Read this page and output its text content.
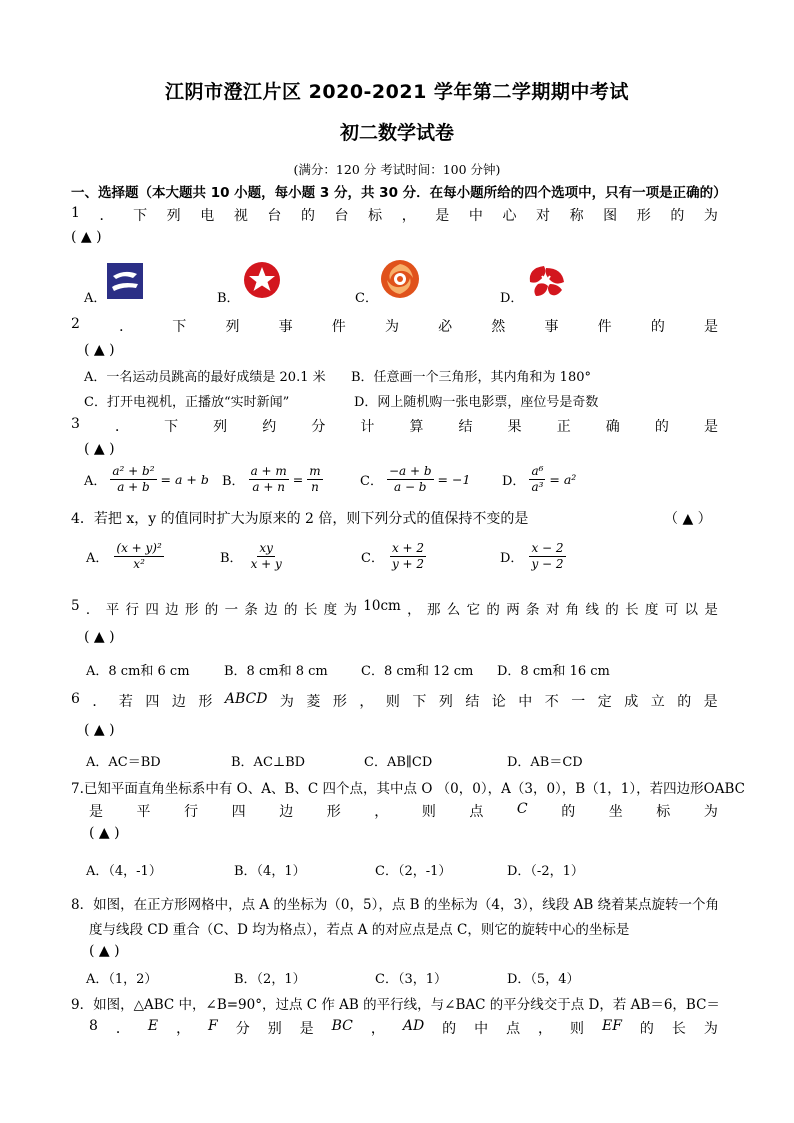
江阴市澄江片区 2020-2021 学年第二学期期中考试
初二数学试卷
(满分：120 分 考试时间：100 分钟)
一、选择题（本大题共 10 小题，每小题 3 分，共 30 分．在每小题所给的四个选项中，只有一项是正确的）
1 ． 下 列 电 视 台 的 台 标 ， 是 中 心 对 称 图 形 的 为
( ▲ )
A．	B．	C．	D．
2	．	下	列	事	件	为	必	然	事	件	的	是
( ▲ )
A．一名运动员跳高的最好成绩是 20.1 米 B．任意画一个三角形，其内角和为 180°
C．打开电视机，正播放“实时新闻”	D．网上随机购一张电影票，座位号是奇数
3	．	下	列	约	分	计	算	结	果	正	确	的	是
( ▲ )
A． $\frac{\text{a² + b²}}{a + b} = a + b$ B． $\frac{a + m}{a + n} = \frac{m}{n}$	C． $\frac{-a + b}{a - b} = -1$ D． $\frac{\text{a⁶}}{\text{a³}} = a^2$
4．若把 x，y 的值同时扩大为原来的 2 倍，则下列分式的值保持不变的是	（ ▲ ）
A． $\frac{\text{(x + y)²}}{\text{x²}}$	B． $\frac{xy}{x + y}$	C． $\frac{x + 2}{y + 2}$	D． $\frac{x - 2}{y - 2}$
5 ． 平 行 四 边 形 的 一 条 边 的 长 度 为 10cm ， 那 么 它 的 两 条 对 角 线 的 长 度 可 以 是
( ▲ )
A．8 cm和 6 cm	B．8 cm和 8 cm	C．8 cm和 12 cm D．8 cm和 16 cm
6 ． 若 四 边 形 ABCD 为 菱 形 ， 则 下 列 结 论 中 不 一 定 成 立 的 是
( ▲ )
A．AC＝BD	B．AC⊥BD	C．AB∥CD	D．AB＝CD
7.已知平面直角坐标系中有 O、A、B、C 四个点，其中点 O （0，0），A（3，0），B（1，1），若四边形OABC
是 平 行 四 边 形 ， 则 点 C 的 坐 标 为
( ▲ )
A．（4，-1）	B．（4，1）	C．（2，-1）	D．（-2，1）
8．如图，在正方形网格中，点 A 的坐标为（0，5），点 B 的坐标为（4，3），线段 AB 绕着某点旋转一个角
度与线段 CD 重合（C、D 均为格点），若点 A 的对应点是点 C，则它的旋转中心的坐标是
( ▲ )
A．（1，2）	B．（2，1）	C．（3，1）	D．（5，4）
9．如图，△ABC 中，∠B=90°，过点 C 作 AB 的平行线，与∠BAC 的平分线交于点 D，若 AB＝6，BC＝
8 ． E ， F 分 别 是 BC ， AD 的 中 点 ， 则 EF 的 长 为
